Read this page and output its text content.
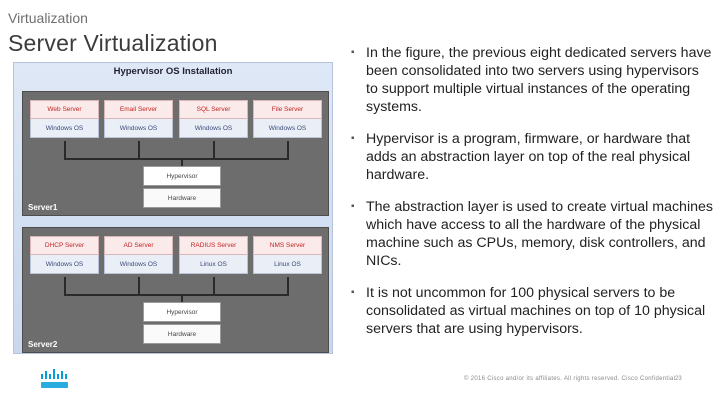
Virtualization
Server Virtualization
Hypervisor OS Installation
Web Server
Windows OS
Email Server
Windows OS
SQL Server
Windows OS
File Server
Windows OS
Hypervisor
Hardware
Server1
DHCP Server
Windows OS
AD Server
Windows OS
RADIUS Server
Linux OS
NMS Server
Linux OS
Hypervisor
Hardware
Server2
▪ In the figure, the previous eight dedicated servers have been consolidated into two servers using hypervisors to support multiple virtual instances of the operating systems.
▪ Hypervisor is a program, firmware, or hardware that adds an abstraction layer on top of the real physical hardware.
▪ The abstraction layer is used to create virtual machines which have access to all the hardware of the physical machine such as CPUs, memory, disk controllers, and NICs.
▪ It is not uncommon for 100 physical servers to be consolidated as virtual machines on top of 10 physical servers that are using hypervisors.
© 2016 Cisco and/or its affiliates. All rights reserved. Cisco Confidential 23
